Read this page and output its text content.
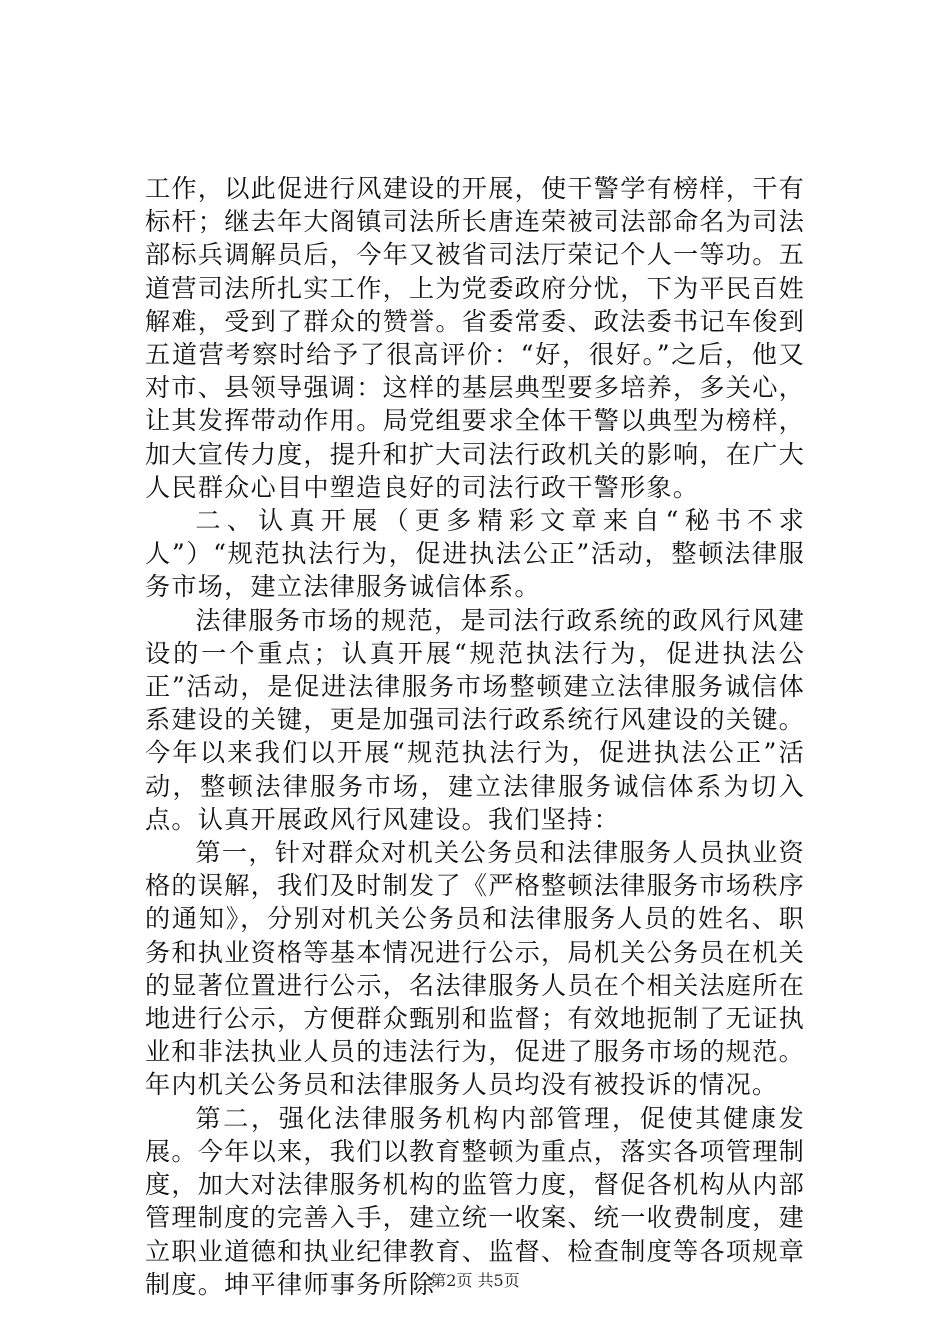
工作，以此促进行风建设的开展，使干警学有榜样，干有标杆；继去年大阁镇司法所长唐连荣被司法部命名为司法部标兵调解员后，今年又被省司法厅荣记个人一等功。五道营司法所扎实工作，上为党委政府分忧，下为平民百姓解难，受到了群众的赞誉。省委常委、政法委书记车俊到五道营考察时给予了很高评价：“好，很好。”之后，他又对市、县领导强调：这样的基层典型要多培养，多关心，让其发挥带动作用。局党组要求全体干警以典型为榜样，加大宣传力度，提升和扩大司法行政机关的影响，在广大人民群众心目中塑造良好的司法行政干警形象。

二、认真开展（更多精彩文章来自“秘书不求人”）“规范执法行为，促进执法公正”活动，整顿法律服务市场，建立法律服务诚信体系。

法律服务市场的规范，是司法行政系统的政风行风建设的一个重点；认真开展“规范执法行为，促进执法公正”活动，是促进法律服务市场整顿建立法律服务诚信体系建设的关键，更是加强司法行政系统行风建设的关键。今年以来我们以开展“规范执法行为，促进执法公正”活动，整顿法律服务市场，建立法律服务诚信体系为切入点。认真开展政风行风建设。我们坚持：

第一，针对群众对机关公务员和法律服务人员执业资格的误解，我们及时制发了《严格整顿法律服务市场秩序的通知》，分别对机关公务员和法律服务人员的姓名、职务和执业资格等基本情况进行公示，局机关公务员在机关的显著位置进行公示，名法律服务人员在个相关法庭所在地进行公示，方便群众甄别和监督；有效地扼制了无证执业和非法执业人员的违法行为，促进了服务市场的规范。年内机关公务员和法律服务人员均没有被投诉的情况。

第二，强化法律服务机构内部管理，促使其健康发展。今年以来，我们以教育整顿为重点，落实各项管理制度，加大对法律服务机构的监管力度，督促各机构从内部管理制度的完善入手，建立统一收案、统一收费制度，建立职业道德和执业纪律教育、监督、检查制度等各项规章制度。坤平律师事务所除

第2页 共5页
